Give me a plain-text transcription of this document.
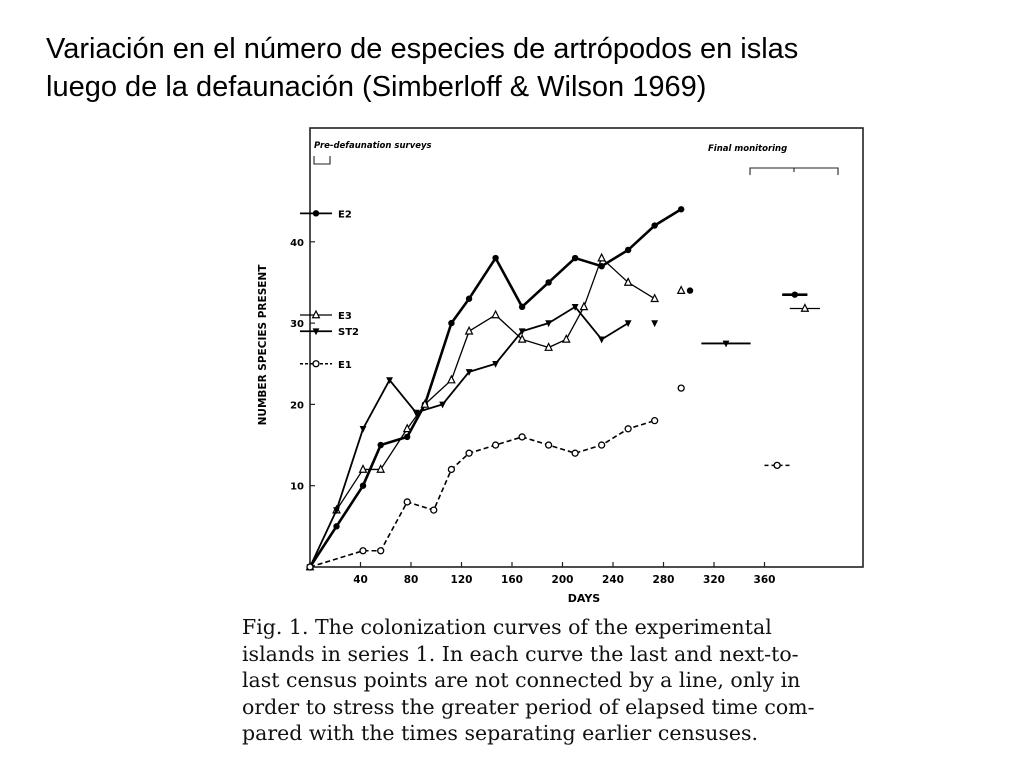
Variación en el número de especies de artrópodos en islas
luego de la defaunación (Simberloff & Wilson 1969)
Pre-defaunation surveys	Final monitoring
40	80	120	160	200	240	280	320	360
10
20
30
40
DAYS
NUMBER SPECIES PRESENT
E2
E3
ST2
E1
Fig. 1. The colonization curves of the experimental
islands in series 1. In each curve the last and next-to-
last census points are not connected by a line, only in
order to stress the greater period of elapsed time com-
pared with the times separating earlier censuses.
